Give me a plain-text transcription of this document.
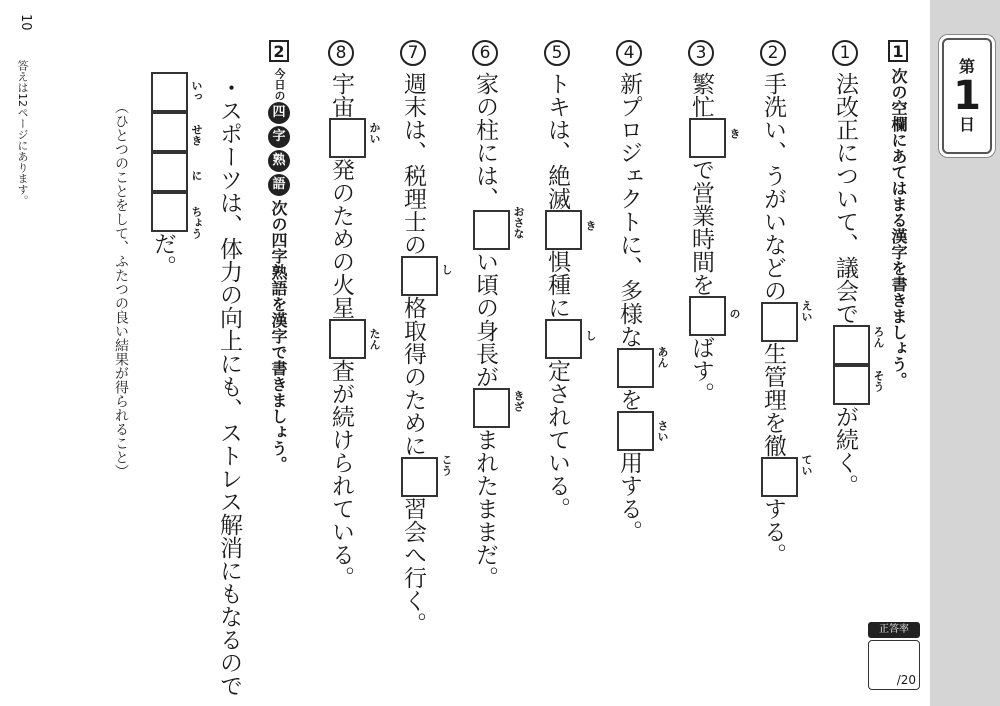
第
1
日
1次の空欄にあてはまる漢字を書きましょう。
1法改正について、議会でが続く。
ろん
そう
2手洗い、うがいなどの生管理を徹する。
えい
てい
3繁忙で営業時間をばす。
き
の
4新プロジェクトに、多様なを用する。
あん
さい
5トキは、絶滅惧種に定されている。
き
し
6家の柱には、い頃の身長がまれたままだ。
おさな
きざ
7週末は、税理士の格取得のために習会へ行く。
し
こう
8宇宙発のための火星査が続けられている。
かい
たん
2今日の四字熟語
次の四字熟語を漢字で書きましょう。
・スポーツは、体力の向上にも、ストレス解消にもなるので
だ。
いっ
せき
に
ちょう
（ひとつのことをして、ふたつの良い結果が得られること）
10
答えは12ページにあります。
正答率
/20
